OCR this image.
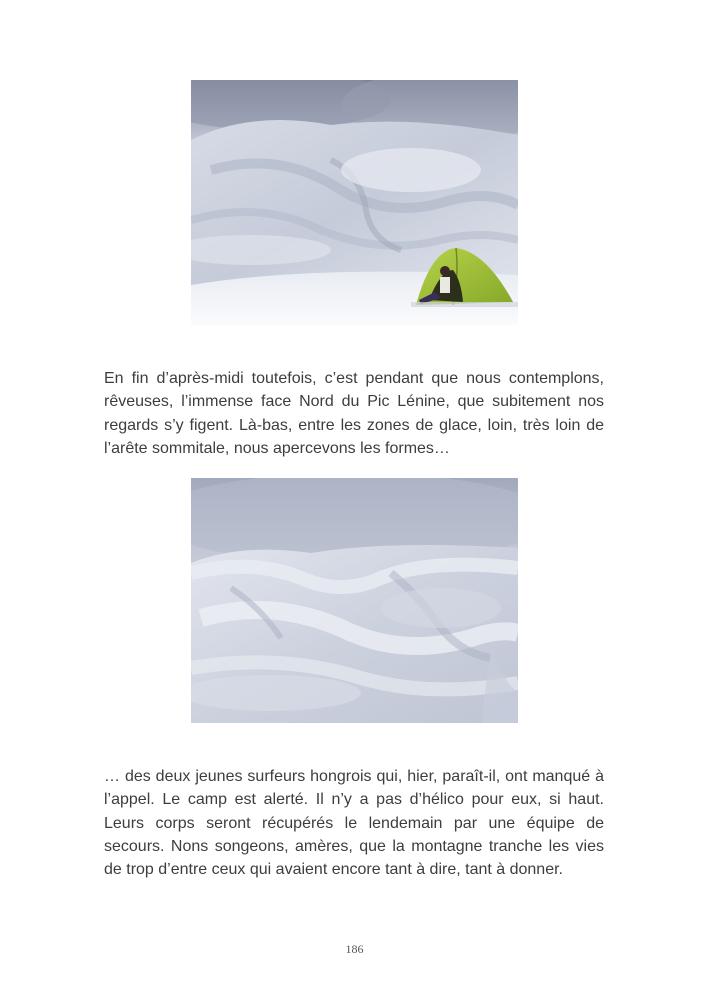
En fin d’après-midi toutefois, c’est pendant que nous contemplons, rêveuses, l’immense face Nord du Pic Lénine, que subitement nos regards s’y figent. Là-bas, entre les zones de glace, loin, très loin de l’arête sommitale, nous apercevons les formes…

… des deux jeunes surfeurs hongrois qui, hier, paraît-il, ont manqué à l’appel. Le camp est alerté. Il n’y a pas d’hélico pour eux, si haut. Leurs corps seront récupérés le lendemain par une équipe de secours. Nons songeons, amères, que la montagne tranche les vies de trop d’entre ceux qui avaient encore tant à dire, tant à donner.

186
